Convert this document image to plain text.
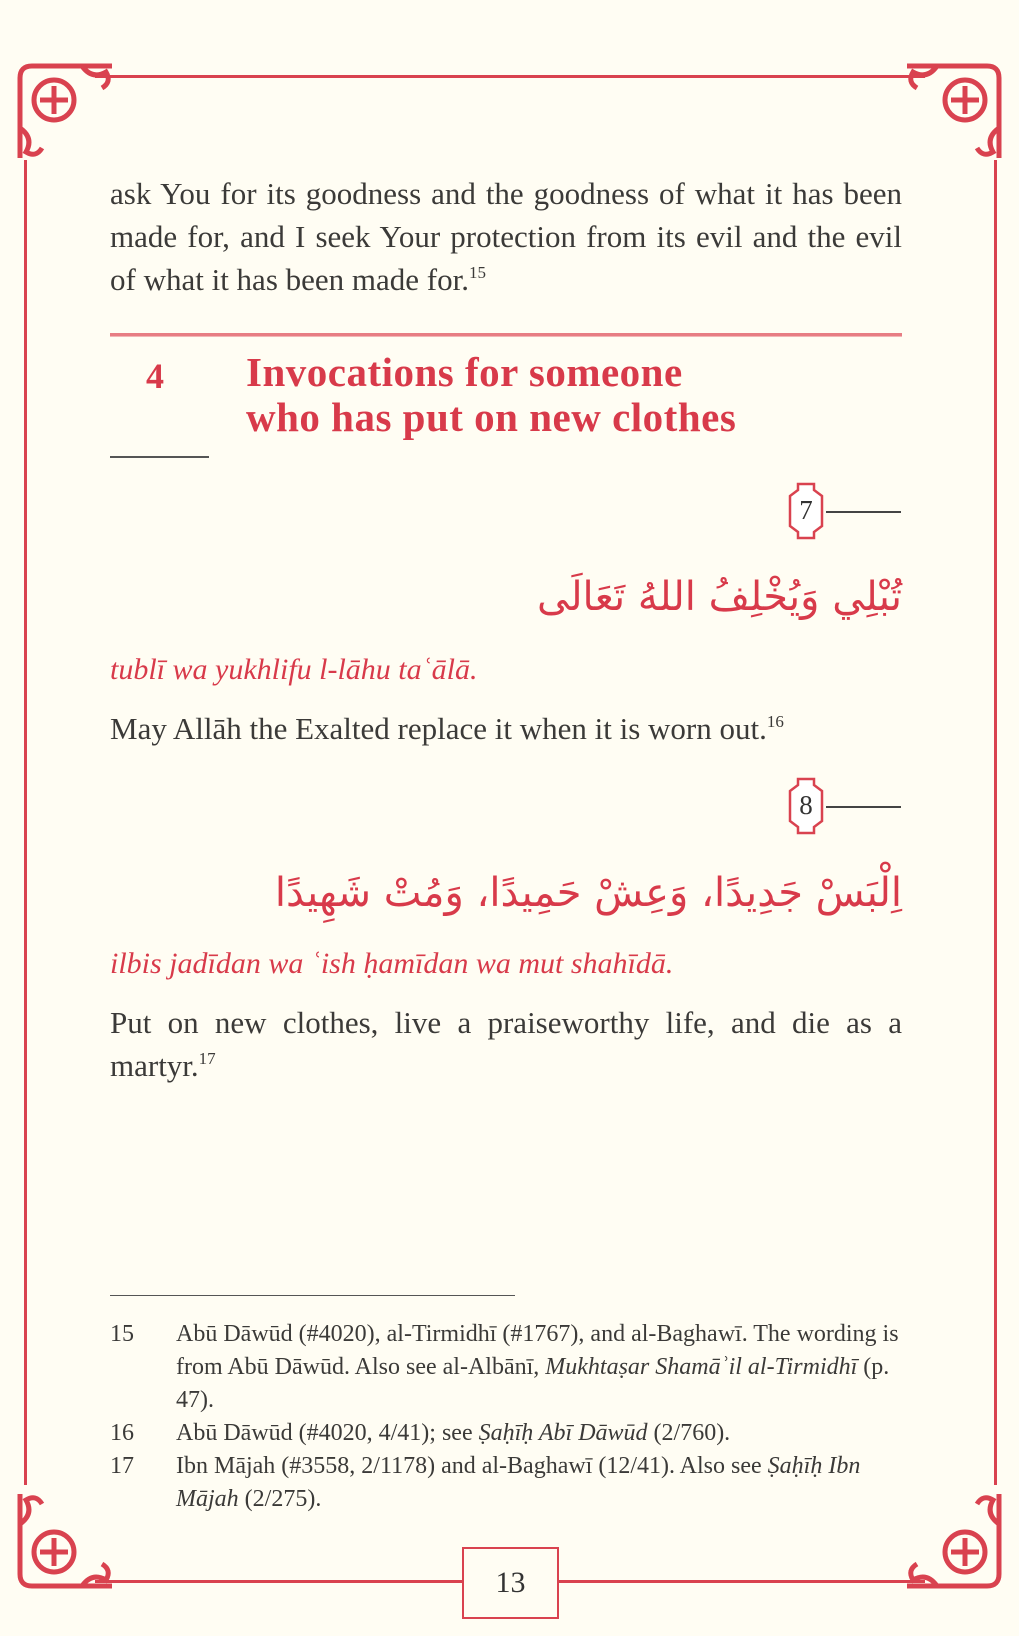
ask You for its goodness and the goodness of what it has been made for, and I seek Your protection from its evil and the evil of what it has been made for.$^{15}$

4 Invocations for someone
who has put on new clothes
7
تُبْلِي وَيُخْلِفُ اللهُ تَعَالَى
tublī wa yukhlifu l-lāhu taʿālā.
May Allāh the Exalted replace it when it is worn out.$^{16}$
8
اِلْبَسْ جَدِيدًا، وَعِشْ حَمِيدًا، وَمُتْ شَهِيدًا
ilbis jadīdan wa ʿish ḥamīdan wa mut shahīdā.
Put on new clothes, live a praiseworthy life, and die as a martyr.$^{17}$
15 Abū Dāwūd (#4020), al-Tirmidhī (#1767), and al-Baghawī. The wording is from Abū Dāwūd. Also see al-Albānī, Mukhtaṣar Shamāʾil al-Tirmidhī (p. 47).
16 Abū Dāwūd (#4020, 4/41); see Ṣaḥīḥ Abī Dāwūd (2/760).
17 Ibn Mājah (#3558, 2/1178) and al-Baghawī (12/41). Also see Ṣaḥīḥ Ibn Mājah (2/275).
13
